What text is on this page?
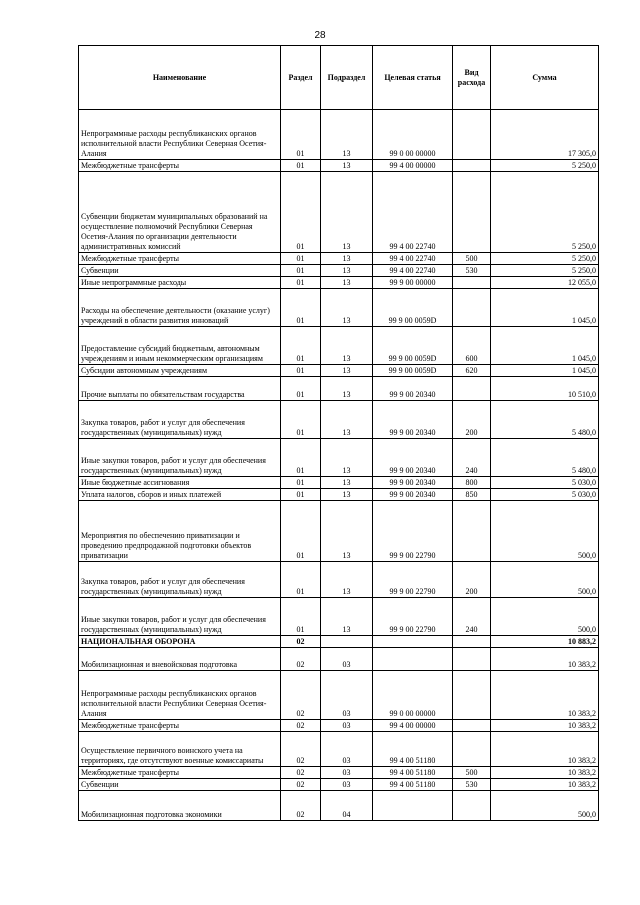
28
Наименование	Раздел	Подраздел	Целевая статья	Вид расхода	Сумма
Непрограммные расходы республиканских органов исполнительной власти Республики Северная Осетия-Алания	01	13	99 0 00 00000		17 305,0
Межбюджетные трансферты	01	13	99 4 00 00000		5 250,0
Субвенции бюджетам муниципальных образований на осуществление полномочий Республики Северная Осетия-Алания по организации деятельности административных комиссий	01	13	99 4 00 22740		5 250,0
Межбюджетные трансферты	01	13	99 4 00 22740	500	5 250,0
Субвенции	01	13	99 4 00 22740	530	5 250,0
Иные непрограммные расходы	01	13	99 9 00 00000		12 055,0
Расходы на обеспечение деятельности (оказание услуг) учреждений в области развития инноваций	01	13	99 9 00 0059D		1 045,0
Предоставление субсидий бюджетным, автономным учреждениям и иным некоммерческим организациям	01	13	99 9 00 0059D	600	1 045,0
Субсидии автономным учреждениям	01	13	99 9 00 0059D	620	1 045,0
Прочие выплаты по обязательствам государства	01	13	99 9 00 20340		10 510,0
Закупка товаров, работ и услуг для обеспечения государственных (муниципальных) нужд	01	13	99 9 00 20340	200	5 480,0
Иные закупки товаров, работ и услуг для обеспечения государственных (муниципальных) нужд	01	13	99 9 00 20340	240	5 480,0
Иные бюджетные ассигнования	01	13	99 9 00 20340	800	5 030,0
Уплата налогов, сборов и иных платежей	01	13	99 9 00 20340	850	5 030,0
Мероприятия по обеспечению приватизации и проведению предпродажной подготовки объектов приватизации	01	13	99 9 00 22790		500,0
Закупка товаров, работ и услуг для обеспечения государственных (муниципальных) нужд	01	13	99 9 00 22790	200	500,0
Иные закупки товаров, работ и услуг для обеспечения государственных (муниципальных) нужд	01	13	99 9 00 22790	240	500,0
НАЦИОНАЛЬНАЯ ОБОРОНА	02				10 883,2
Мобилизационная и вневойсковая подготовка	02	03			10 383,2
Непрограммные расходы республиканских органов исполнительной власти Республики Северная Осетия-Алания	02	03	99 0 00 00000		10 383,2
Межбюджетные трансферты	02	03	99 4 00 00000		10 383,2
Осуществление первичного воинского учета на территориях, где отсутствуют военные комиссариаты	02	03	99 4 00 51180		10 383,2
Межбюджетные трансферты	02	03	99 4 00 51180	500	10 383,2
Субвенции	02	03	99 4 00 51180	530	10 383,2
Мобилизационная подготовка экономики	02	04			500,0
